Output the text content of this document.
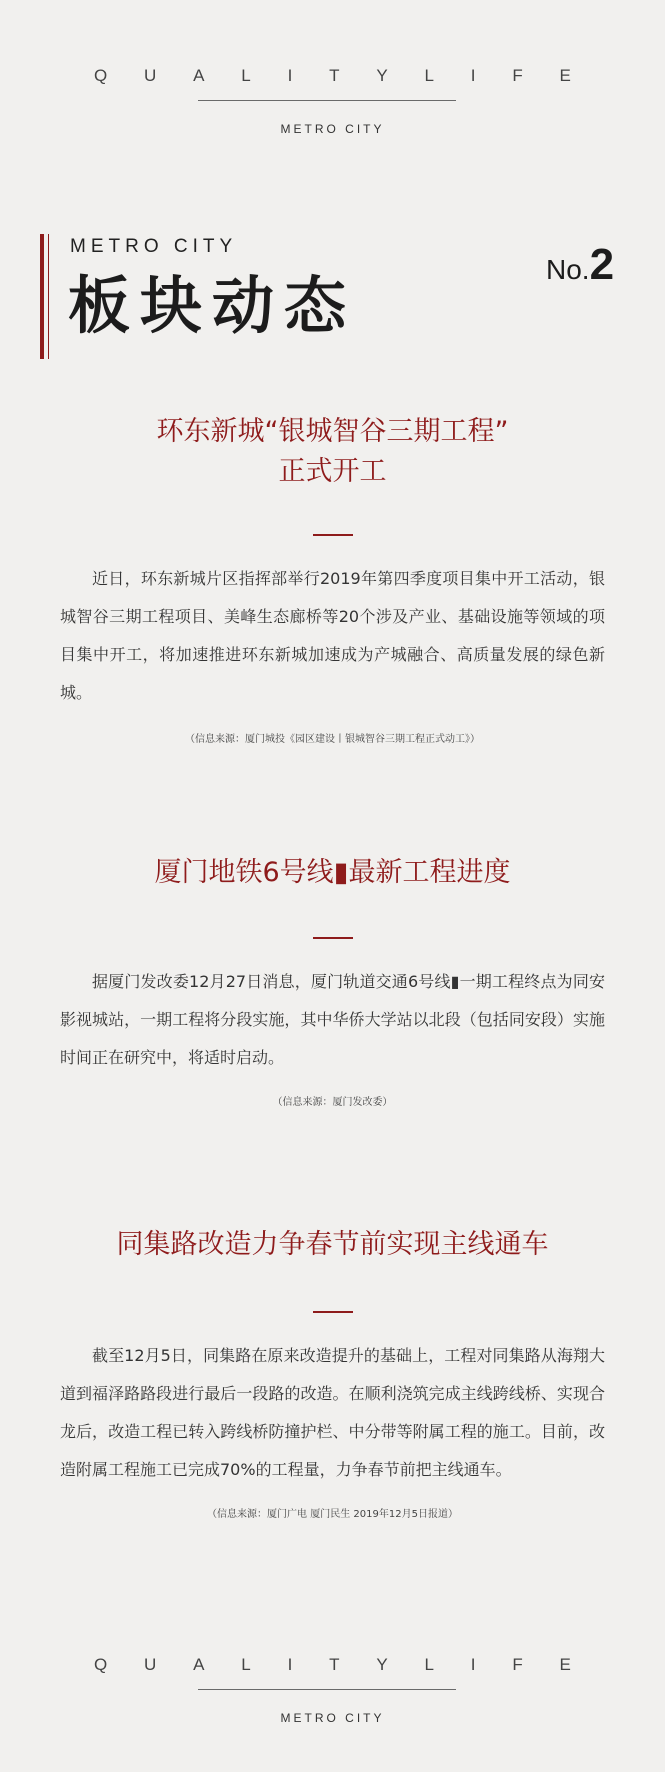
Q U A L I T Y L I F E
METRO CITY
METRO CITY
板块动态	No.2
环东新城“银城智谷三期工程”
正式开工

近日，环东新城片区指挥部举行2019年第四季度项目集中开工活动，银城智谷三期工程项目、美峰生态廊桥等20个涉及产业、基础设施等领域的项目集中开工，将加速推进环东新城加速成为产城融合、高质量发展的绿色新城。

（信息来源：厦门城投《园区建设丨银城智谷三期工程正式动工》）
厦门地铁6号线▮最新工程进度

据厦门发改委12月27日消息，厦门轨道交通6号线▮一期工程终点为同安影视城站，一期工程将分段实施，其中华侨大学站以北段（包括同安段）实施时间正在研究中，将适时启动。

（信息来源：厦门发改委）
同集路改造力争春节前实现主线通车

截至12月5日，同集路在原来改造提升的基础上，工程对同集路从海翔大道到福泽路路段进行最后一段路的改造。在顺利浇筑完成主线跨线桥、实现合龙后，改造工程已转入跨线桥防撞护栏、中分带等附属工程的施工。目前，改造附属工程施工已完成70%的工程量，力争春节前把主线通车。

（信息来源：厦门广电 厦门民生 2019年12月5日报道）
Q U A L I T Y L I F E
METRO CITY
